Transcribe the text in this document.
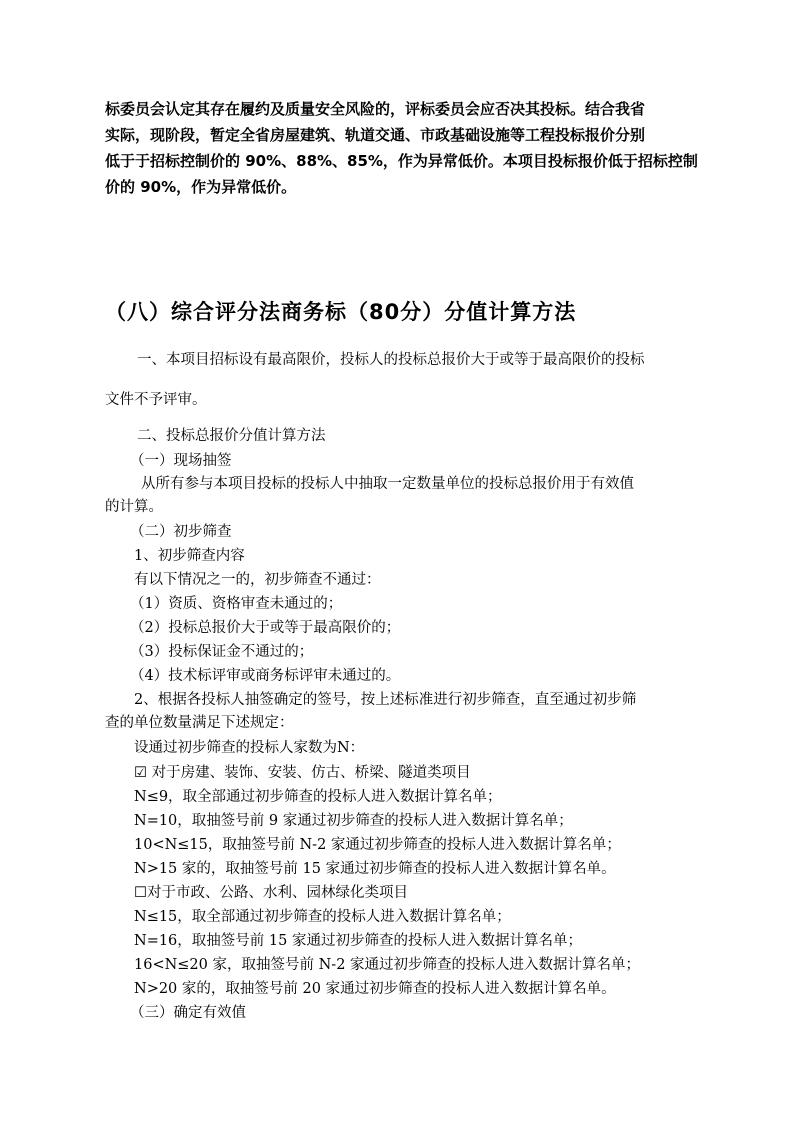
标委员会认定其存在履约及质量安全风险的，评标委员会应否决其投标。结合我省
实际，现阶段，暂定全省房屋建筑、轨道交通、市政基础设施等工程投标报价分别
低于于招标控制价的 90%、88%、85%，作为异常低价。本项目投标报价低于招标控制
价的 90%，作为异常低价。
（八）综合评分法商务标（80分）分值计算方法
一、本项目招标设有最高限价，投标人的投标总报价大于或等于最高限价的投标
文件不予评审。
二、投标总报价分值计算方法
（一）现场抽签
从所有参与本项目投标的投标人中抽取一定数量单位的投标总报价用于有效值
的计算。
（二）初步筛查
1、初步筛查内容
有以下情况之一的，初步筛查不通过：
（1）资质、资格审查未通过的；
（2）投标总报价大于或等于最高限价的；
（3）投标保证金不通过的；
（4）技术标评审或商务标评审未通过的。
2、根据各投标人抽签确定的签号，按上述标准进行初步筛查，直至通过初步筛
查的单位数量满足下述规定：
设通过初步筛查的投标人家数为N：
☑ 对于房建、装饰、安装、仿古、桥梁、隧道类项目
N≤9，取全部通过初步筛查的投标人进入数据计算名单；
N=10，取抽签号前 9 家通过初步筛查的投标人进入数据计算名单；
10<N≤15，取抽签号前 N-2 家通过初步筛查的投标人进入数据计算名单；
N>15 家的，取抽签号前 15 家通过初步筛查的投标人进入数据计算名单。
☐对于市政、公路、水利、园林绿化类项目
N≤15，取全部通过初步筛查的投标人进入数据计算名单；
N=16，取抽签号前 15 家通过初步筛查的投标人进入数据计算名单；
16<N≤20 家，取抽签号前 N-2 家通过初步筛查的投标人进入数据计算名单；
N>20 家的，取抽签号前 20 家通过初步筛查的投标人进入数据计算名单。
（三）确定有效值
